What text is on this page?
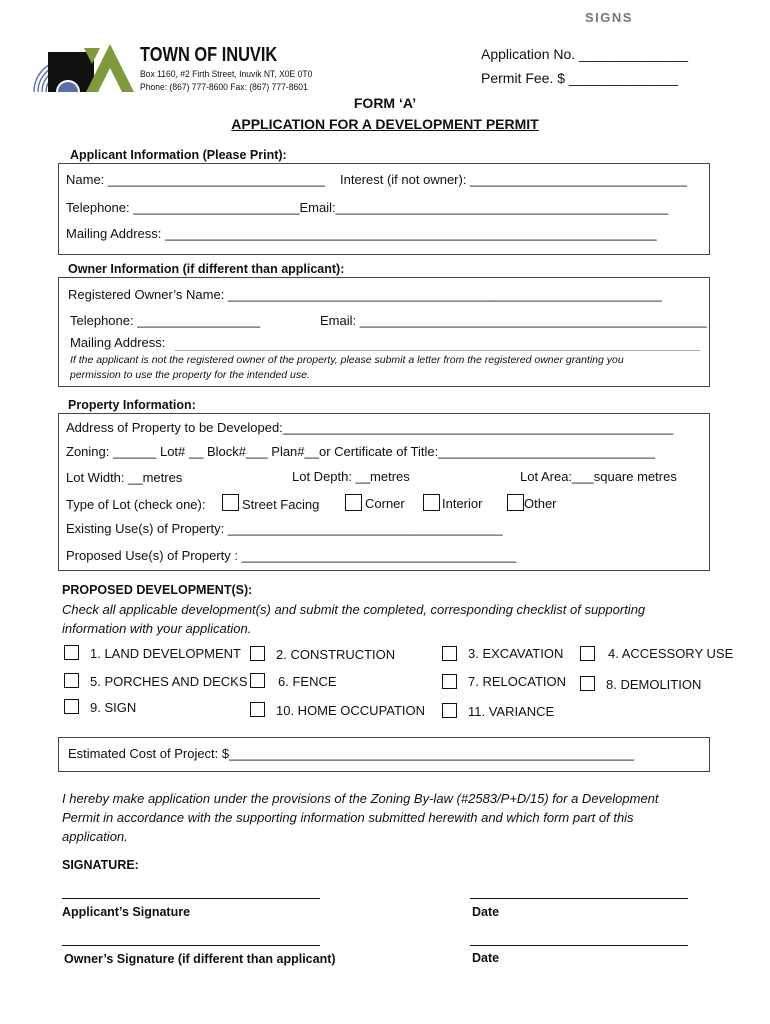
SIGNS
TOWN OF INUVIK
Box 1160, #2 Firth Street, Inuvik NT, X0E 0T0
Phone: (867) 777-8600 Fax: (867) 777-8601
Application No. ______________
Permit Fee. $ ______________
FORM ‘A’
APPLICATION FOR A DEVELOPMENT PERMIT
Applicant Information (Please Print):
Name: ______________________________ Interest (if not owner): ______________________________
Telephone: _______________________Email:______________________________________________
Mailing Address: ____________________________________________________________________
Owner Information (if different than applicant):
Registered Owner’s Name: ____________________________________________________________
Telephone: _________________	Email: ________________________________________________
Mailing Address:
If the applicant is not the registered owner of the property, please submit a letter from the registered owner granting you
permission to use the property for the intended use.
Property Information:
Address of Property to be Developed:______________________________________________________
Zoning: ______ Lot# __ Block#___ Plan#__or Certificate of Title:______________________________
Lot Width: __metres	Lot Depth: __metres	Lot Area:___square metres
Type of Lot (check one):	Street Facing	Corner	Interior	Other
Existing Use(s) of Property: ______________________________________
Proposed Use(s) of Property : ______________________________________
PROPOSED DEVELOPMENT(S):
Check all applicable development(s) and submit the completed, corresponding checklist of supporting
information with your application.
1. LAND DEVELOPMENT	2. CONSTRUCTION	3. EXCAVATION	4. ACCESSORY USE
5. PORCHES AND DECKS 6. FENCE	7. RELOCATION	8. DEMOLITION
9. SIGN	10. HOME OCCUPATION	11. VARIANCE
Estimated Cost of Project: $________________________________________________________
I hereby make application under the provisions of the Zoning By-law (#2583/P+D/15) for a Development
Permit in accordance with the supporting information submitted herewith and which form part of this
application.
SIGNATURE:
Applicant’s Signature	Date
Owner’s Signature (if different than applicant)	Date
